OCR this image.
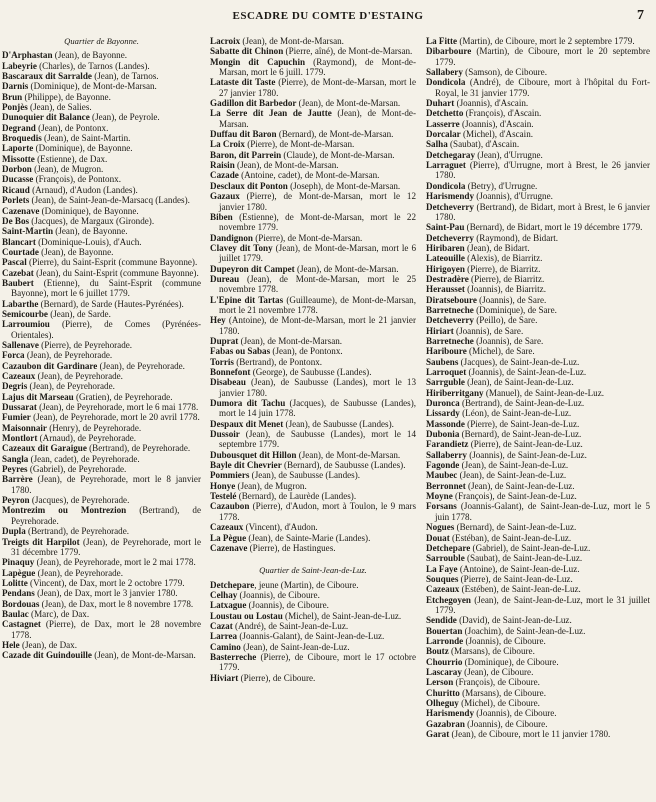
ESCADRE DU COMTE D'ESTAING	7
Quartier de Bayonne.

D'Arphastan (Jean), de Bayonne.

Labeyrie (Charles), de Tarnos (Landes).

Bascaraux dit Sarralde (Jean), de Tarnos.

Darnis (Dominique), de Mont-de-Marsan.

Brun (Philippe), de Bayonne.

Ponjès (Jean), de Salies.

Dunoquier dit Balance (Jean), de Peyrole.

Degrand (Jean), de Pontonx.

Broquedis (Jean), de Saint-Martin.

Laporte (Dominique), de Bayonne.

Missotte (Estienne), de Dax.

Dorbon (Jean), de Mugron.

Ducasse (François), de Pontonx.

Ricaud (Arnaud), d'Audon (Landes).

Porlets (Jean), de Saint-Jean-de-Marsacq (Landes).

Cazenave (Dominique), de Bayonne.

De Bos (Jacques), de Margaux (Gironde).

Saint-Martin (Jean), de Bayonne.

Blancart (Dominique-Louis), d'Auch.

Courtade (Jean), de Bayonne.

Pascal (Pierre), du Saint-Esprit (commune Bayonne).

Cazebat (Jean), du Saint-Esprit (commune Bayonne).

Baubert (Etienne), du Saint-Esprit (commune Bayonne), mort le 6 juillet 1779.

Labarthe (Bernard), de Sarde (Hautes-Pyrénées).

Semicourbe (Jean), de Sarde.

Larroumiou (Pierre), de Comes (Pyrénées-Orientales).

Sallenave (Pierre), de Peyrehorade.

Forca (Jean), de Peyrehorade.

Cazaubon dit Gardinare (Jean), de Peyrehorade.

Cazeaux (Jean), de Peyrehorade.

Degris (Jean), de Peyrehorade.

Lajus dit Marseau (Gratien), de Peyrehorade.

Dussarat (Jean), de Peyrehorade, mort le 6 mai 1778.

Fumier (Jean), de Peyrehorade, mort le 20 avril 1778.

Maisonnair (Henry), de Peyrehorade.

Montlort (Arnaud), de Peyrehorade.

Cazeaux dit Garaigue (Bertrand), de Peyrehorade.

Sangla (Jean, cadet), de Peyrehorade.

Peyres (Gabriel), de Peyrehorade.

Barrère (Jean), de Peyrehorade, mort le 8 janvier 1780.

Peyron (Jacques), de Peyrehorade.

Montrezim ou Montrezion (Bertrand), de Peyrehorade.

Dupla (Bertrand), de Peyrehorade.

Treigts dit Harpilot (Jean), de Peyrehorade, mort le 31 décembre 1779.

Pinaquy (Jean), de Peyrehorade, mort le 2 mai 1778.

Lapègue (Jean), de Peyrehorade.

Lolitte (Vincent), de Dax, mort le 2 octobre 1779.

Pendans (Jean), de Dax, mort le 3 janvier 1780.

Bordouas (Jean), de Dax, mort le 8 novembre 1778.

Baulac (Marc), de Dax.

Castagnet (Pierre), de Dax, mort le 28 novembre 1778.

Hele (Jean), de Dax.

Cazade dit Guindouille (Jean), de Mont-de-Marsan.

Lacroix (Jean), de Mont-de-Marsan.

Sabatte dit Chinon (Pierre, aîné), de Mont-de-Marsan.

Mongin dit Capuchin (Raymond), de Mont-de-Marsan, mort le 6 juill. 1779.

Lataste dit Taste (Pierre), de Mont-de-Marsan, mort le 27 janvier 1780.

Gadillon dit Barbedor (Jean), de Mont-de-Marsan.

La Serre dit Jean de Jautte (Jean), de Mont-de-Marsan.

Duffau dit Baron (Bernard), de Mont-de-Marsan.

La Croix (Pierre), de Mont-de-Marsan.

Baron, dit Parrein (Claude), de Mont-de-Marsan.

Raisin (Jean), de Mont-de-Marsan.

Cazade (Antoine, cadet), de Mont-de-Marsan.

Desclaux dit Ponton (Joseph), de Mont-de-Marsan.

Gazaux (Pierre), de Mont-de-Marsan, mort le 12 janvier 1780.

Biben (Estienne), de Mont-de-Marsan, mort le 22 novembre 1779.

Dandignon (Pierre), de Mont-de-Marsan.

Clavey dit Tony (Jean), de Mont-de-Marsan, mort le 6 juillet 1779.

Dupeyron dit Campet (Jean), de Mont-de-Marsan.

Dureau (Jean), de Mont-de-Marsan, mort le 25 novembre 1778.

L'Epine dit Tartas (Guilleaume), de Mont-de-Marsan, mort le 21 novembre 1778.

Hey (Antoine), de Mont-de-Marsan, mort le 21 janvier 1780.

Duprat (Jean), de Mont-de-Marsan.

Fabas ou Sabas (Jean), de Pontonx.

Torris (Bertrand), de Pontonx.

Bonnefont (George), de Saubusse (Landes).

Disabeau (Jean), de Saubusse (Landes), mort le 13 janvier 1780.

Dumora dit Tachu (Jacques), de Saubusse (Landes), mort le 14 juin 1778.

Despaux dit Menet (Jean), de Saubusse (Landes).

Dussoir (Jean), de Saubusse (Landes), mort le 14 septembre 1779.

Dubousquet dit Hillon (Jean), de Mont-de-Marsan.

Bayle dit Chevrier (Bernard), de Saubusse (Landes).

Pommiers (Jean), de Saubusse (Landes).

Honye (Jean), de Mugron.

Testelé (Bernard), de Laurède (Landes).

Cazaubon (Pierre), d'Audon, mort à Toulon, le 9 mars 1778.

Cazeaux (Vincent), d'Audon.

La Pègue (Jean), de Sainte-Marie (Landes).

Cazenave (Pierre), de Hastingues.

Quartier de Saint-Jean-de-Luz.

Detchepare, jeune (Martin), de Ciboure.

Celhay (Joannis), de Ciboure.

Latxague (Joannis), de Ciboure.

Loustau ou Lostau (Michel), de Saint-Jean-de-Luz.

Cazat (André), de Saint-Jean-de-Luz.

Larrea (Joannis-Galant), de Saint-Jean-de-Luz.

Camino (Jean), de Saint-Jean-de-Luz.

Basterreche (Pierre), de Ciboure, mort le 17 octobre 1779.

Hiviart (Pierre), de Ciboure.

La Fitte (Martin), de Ciboure, mort le 2 septembre 1779.

Dibarboure (Martin), de Ciboure, mort le 20 septembre 1779.

Sallabery (Samson), de Ciboure.

Dondicola (André), de Ciboure, mort à l'hôpital du Fort-Royal, le 31 janvier 1779.

Duhart (Joannis), d'Ascain.

Detchetto (François), d'Ascain.

Lasserre (Joannis), d'Ascain.

Dorcalar (Michel), d'Ascain.

Salha (Saubat), d'Ascain.

Detchegaray (Jean), d'Urrugne.

Larraguet (Pierre), d'Urrugne, mort à Brest, le 26 janvier 1780.

Dondicola (Betry), d'Urrugne.

Harismendy (Joannis), d'Urrugne.

Detcheverry (Bertrand), de Bidart, mort à Brest, le 6 janvier 1780.

Saint-Pau (Bernard), de Bidart, mort le 19 décembre 1779.

Detcheverry (Raymond), de Bidart.

Hiribaren (Jean), de Bidart.

Lateouille (Alexis), de Biarritz.

Hirigoyen (Pierre), de Biarritz.

Destradère (Pierre), de Biarritz.

Herausset (Joannis), de Biarritz.

Diratseboure (Joannis), de Sare.

Barretneche (Dominique), de Sare.

Detcheverry (Peillo), de Sare.

Hiriart (Joannis), de Sare.

Barretneche (Joannis), de Sare.

Hariboure (Michel), de Sare.

Saubens (Jacques), de Saint-Jean-de-Luz.

Larroquet (Joannis), de Saint-Jean-de-Luz.

Sarrguble (Jean), de Saint-Jean-de-Luz.

Hiriberritgany (Manuel), de Saint-Jean-de-Luz.

Duronca (Bertrand), de Saint-Jean-de-Luz.

Lissardy (Léon), de Saint-Jean-de-Luz.

Massonde (Pierre), de Saint-Jean-de-Luz.

Dubonia (Bernard), de Saint-Jean-de-Luz.

Farandietz (Pierre), de Saint-Jean-de-Luz.

Sallaberry (Joannis), de Saint-Jean-de-Luz.

Fagonde (Jean), de Saint-Jean-de-Luz.

Maubec (Jean), de Saint-Jean-de-Luz.

Berronnet (Jean), de Saint-Jean-de-Luz.

Moyne (François), de Saint-Jean-de-Luz.

Forsans (Joannis-Galant), de Saint-Jean-de-Luz, mort le 5 juin 1778.

Nogues (Bernard), de Saint-Jean-de-Luz.

Douat (Estéban), de Saint-Jean-de-Luz.

Detchepare (Gabriel), de Saint-Jean-de-Luz.

Sarrouble (Saubat), de Saint-Jean-de-Luz.

La Faye (Antoine), de Saint-Jean-de-Luz.

Souques (Pierre), de Saint-Jean-de-Luz.

Cazeaux (Estében), de Saint-Jean-de-Luz.

Etchegoyen (Jean), de Saint-Jean-de-Luz, mort le 31 juillet 1779.

Sendide (David), de Saint-Jean-de-Luz.

Bouertan (Joachim), de Saint-Jean-de-Luz.

Larronde (Joannis), de Ciboure.

Boutz (Marsans), de Ciboure.

Chourrio (Dominique), de Ciboure.

Lascaray (Jean), de Ciboure.

Lerson (François), de Ciboure.

Churitto (Marsans), de Ciboure.

Olheguy (Michel), de Ciboure.

Harismendy (Joannis), de Ciboure.

Gazabran (Joannis), de Ciboure.

Garat (Jean), de Ciboure, mort le 11 janvier 1780.
